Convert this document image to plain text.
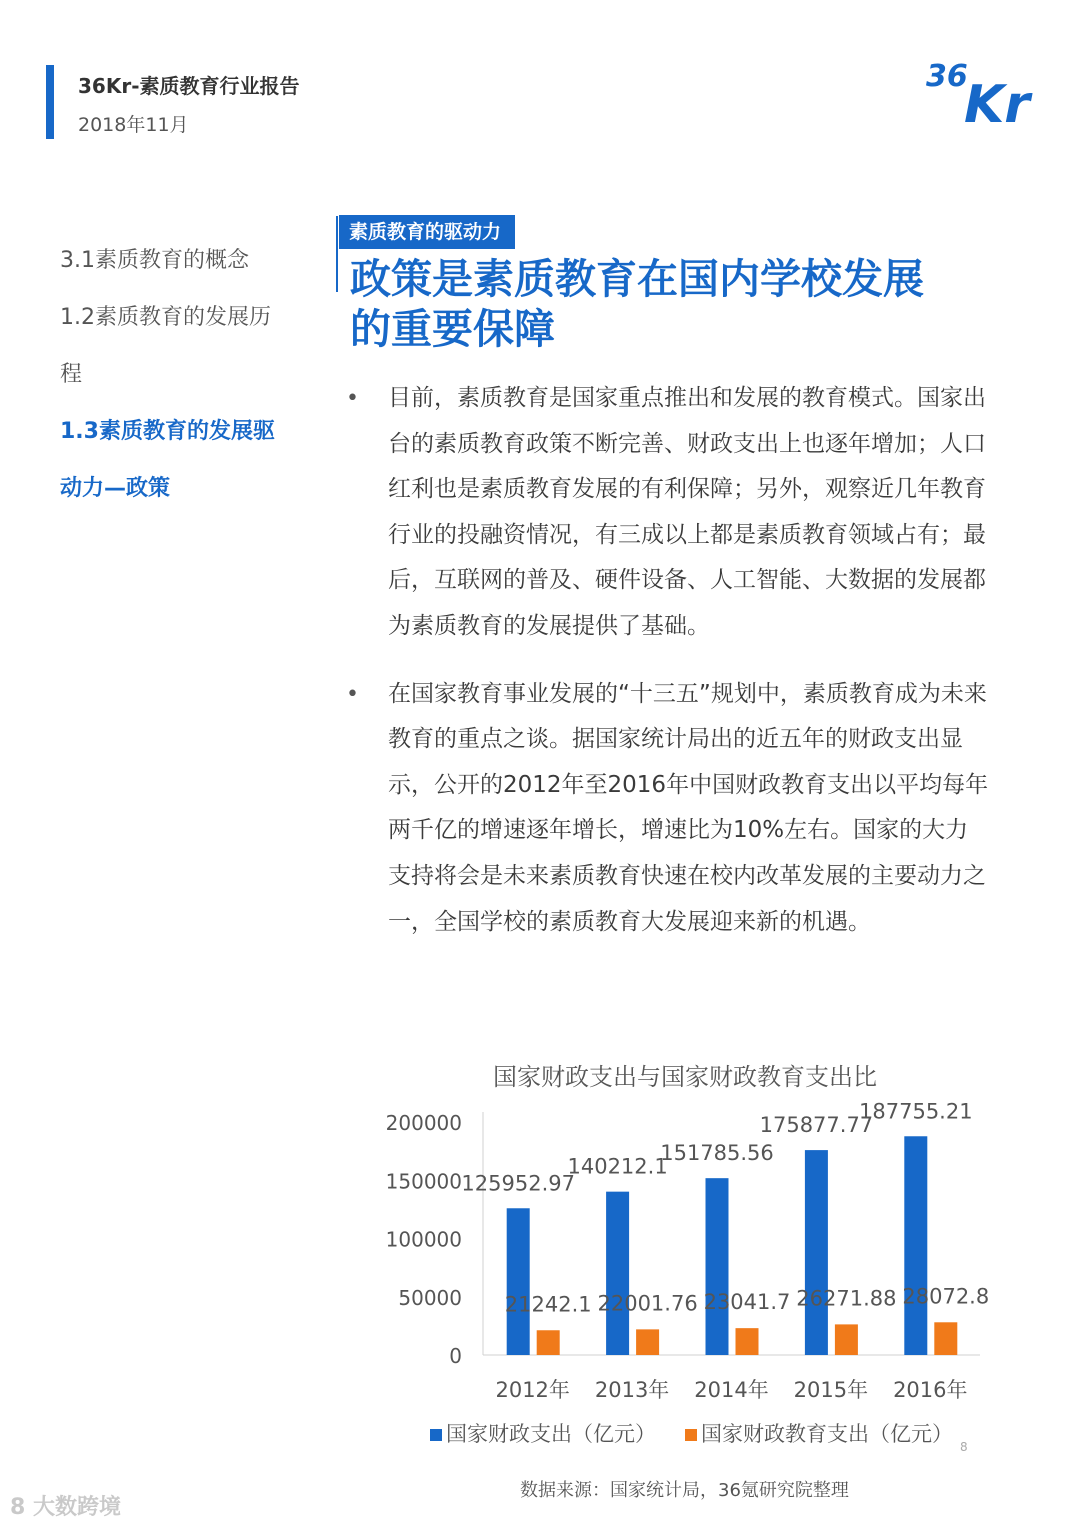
36Kr-素质教育行业报告
2018年11月
36
Kr
3.1素质教育的概念
1.2素质教育的发展历
程
1.3素质教育的发展驱
动力—政策
素质教育的驱动力
政策是素质教育在国内学校发展
的重要保障
• 目前，素质教育是国家重点推出和发展的教育模式。国家出台的素质教育政策不断完善、财政支出上也逐年增加；人口红利也是素质教育发展的有利保障；另外，观察近几年教育行业的投融资情况，有三成以上都是素质教育领域占有；最后，互联网的普及、硬件设备、人工智能、大数据的发展都为素质教育的发展提供了基础。
• 在国家教育事业发展的“十三五”规划中，素质教育成为未来教育的重点之谈。据国家统计局出的近五年的财政支出显示，公开的2012年至2016年中国财政教育支出以平均每年两千亿的增速逐年增长，增速比为10%左右。国家的大力支持将会是未来素质教育快速在校内改革发展的主要动力之一，全国学校的素质教育大发展迎来新的机遇。
国家财政支出与国家财政教育支出比
0
50000
100000
150000
200000
2012年
125952.97
21242.1
2013年
140212.1
22001.76
2014年
151785.56
23041.7
2015年
175877.77
26271.88
2016年
187755.21
28072.8
国家财政支出（亿元） 国家财政教育支出（亿元）
数据来源：国家统计局，36氪研究院整理
8
8 大数跨境
